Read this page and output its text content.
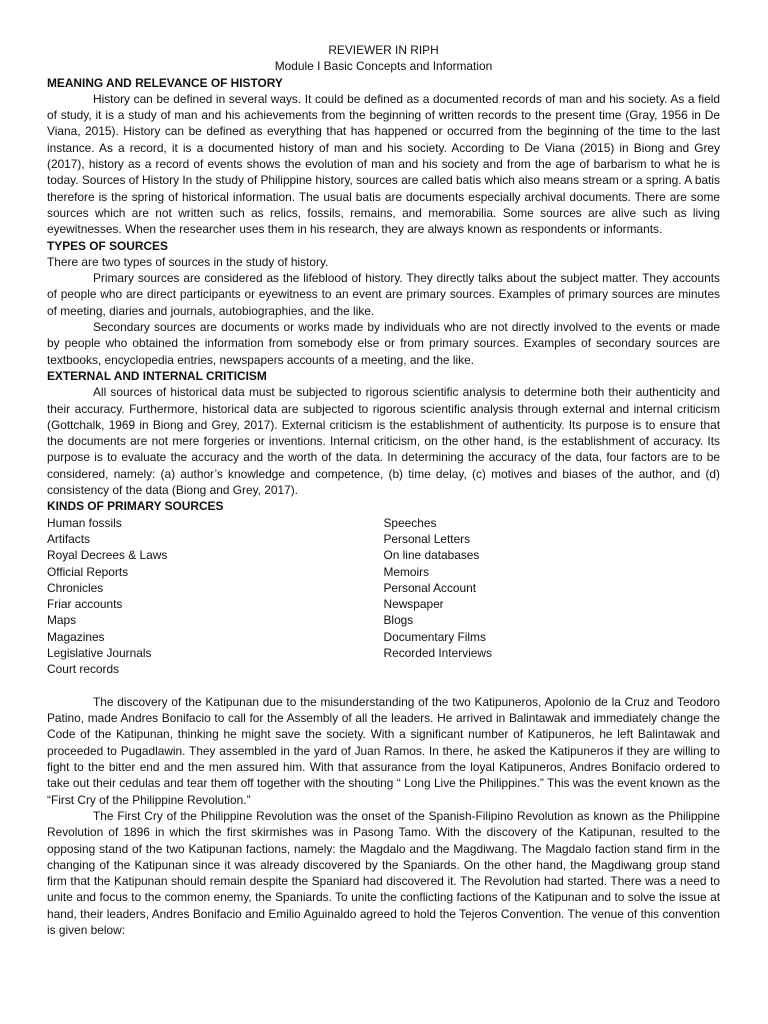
REVIEWER IN RIPH
Module I Basic Concepts and Information
MEANING AND RELEVANCE OF HISTORY

History can be defined in several ways. It could be defined as a documented records of man and his society. As a field of study, it is a study of man and his achievements from the beginning of written records to the present time (Gray, 1956 in De Viana, 2015). History can be defined as everything that has happened or occurred from the beginning of the time to the last instance. As a record, it is a documented history of man and his society. According to De Viana (2015) in Biong and Grey (2017), history as a record of events shows the evolution of man and his society and from the age of barbarism to what he is today. Sources of History In the study of Philippine history, sources are called batis which also means stream or a spring. A batis therefore is the spring of historical information. The usual batis are documents especially archival documents. There are some sources which are not written such as relics, fossils, remains, and memorabilia. Some sources are alive such as living eyewitnesses. When the researcher uses them in his research, they are always known as respondents or informants.

TYPES OF SOURCES

There are two types of sources in the study of history.

Primary sources are considered as the lifeblood of history. They directly talks about the subject matter. They accounts of people who are direct participants or eyewitness to an event are primary sources. Examples of primary sources are minutes of meeting, diaries and journals, autobiographies, and the like.

Secondary sources are documents or works made by individuals who are not directly involved to the events or made by people who obtained the information from somebody else or from primary sources. Examples of secondary sources are textbooks, encyclopedia entries, newspapers accounts of a meeting, and the like.

EXTERNAL AND INTERNAL CRITICISM

All sources of historical data must be subjected to rigorous scientific analysis to determine both their authenticity and their accuracy. Furthermore, historical data are subjected to rigorous scientific analysis through external and internal criticism (Gottchalk, 1969 in Biong and Grey, 2017). External criticism is the establishment of authenticity. Its purpose is to ensure that the documents are not mere forgeries or inventions. Internal criticism, on the other hand, is the establishment of accuracy. Its purpose is to evaluate the accuracy and the worth of the data. In determining the accuracy of the data, four factors are to be considered, namely: (a) author’s knowledge and competence, (b) time delay, (c) motives and biases of the author, and (d) consistency of the data (Biong and Grey, 2017).

KINDS OF PRIMARY SOURCES
Human fossils
Artifacts
Royal Decrees & Laws
Official Reports
Chronicles
Friar accounts
Maps
Magazines
Legislative Journals
Court records
Speeches
Personal Letters
On line databases
Memoirs
Personal Account
Newspaper
Blogs
Documentary Films
Recorded Interviews

The discovery of the Katipunan due to the misunderstanding of the two Katipuneros, Apolonio de la Cruz and Teodoro Patino, made Andres Bonifacio to call for the Assembly of all the leaders. He arrived in Balintawak and immediately change the Code of the Katipunan, thinking he might save the society. With a significant number of Katipuneros, he left Balintawak and proceeded to Pugadlawin. They assembled in the yard of Juan Ramos. In there, he asked the Katipuneros if they are willing to fight to the bitter end and the men assured him. With that assurance from the loyal Katipuneros, Andres Bonifacio ordered to take out their cedulas and tear them off together with the shouting “ Long Live the Philippines.” This was the event known as the “First Cry of the Philippine Revolution.”

The First Cry of the Philippine Revolution was the onset of the Spanish-Filipino Revolution as known as the Philippine Revolution of 1896 in which the first skirmishes was in Pasong Tamo. With the discovery of the Katipunan, resulted to the opposing stand of the two Katipunan factions, namely: the Magdalo and the Magdiwang. The Magdalo faction stand firm in the changing of the Katipunan since it was already discovered by the Spaniards. On the other hand, the Magdiwang group stand firm that the Katipunan should remain despite the Spaniard had discovered it. The Revolution had started. There was a need to unite and focus to the common enemy, the Spaniards. To unite the conflicting factions of the Katipunan and to solve the issue at hand, their leaders, Andres Bonifacio and Emilio Aguinaldo agreed to hold the Tejeros Convention. The venue of this convention is given below:
